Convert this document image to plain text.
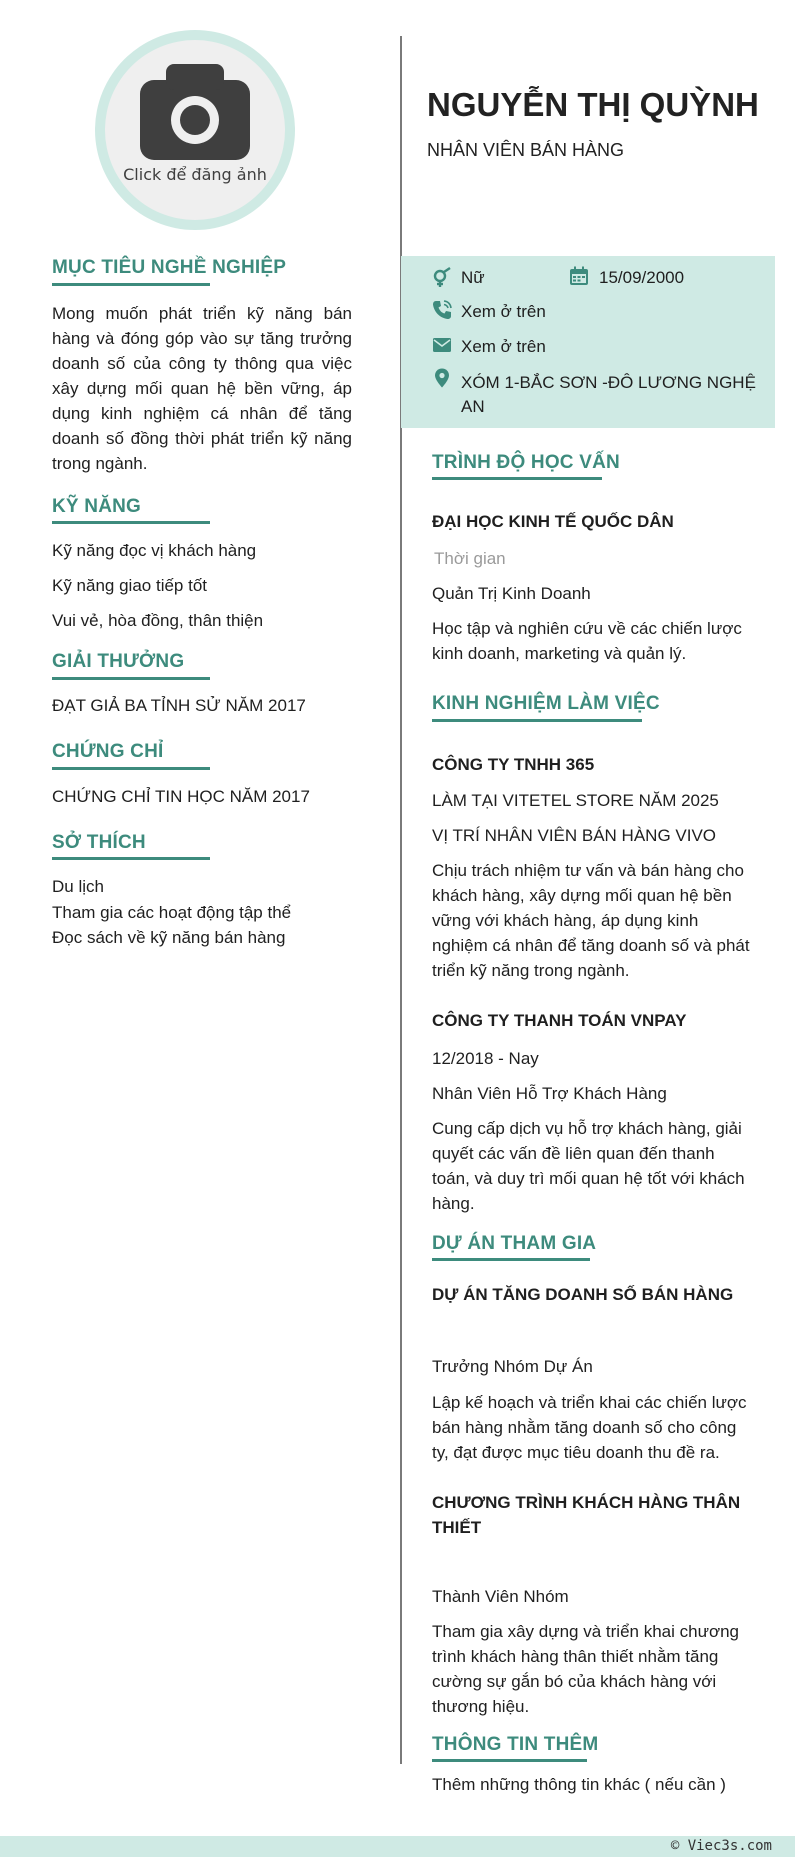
Click để đăng ảnh
MỤC TIÊU NGHỀ NGHIỆP
Mong muốn phát triển kỹ năng bán
hàng và đóng góp vào sự tăng trưởng
doanh số của công ty thông qua việc
xây dựng mối quan hệ bền vững, áp
dụng kinh nghiệm cá nhân để tăng
doanh số đồng thời phát triển kỹ năng
trong ngành.
KỸ NĂNG
Kỹ năng đọc vị khách hàng
Kỹ năng giao tiếp tốt
Vui vẻ, hòa đồng, thân thiện
GIẢI THƯỞNG
ĐẠT GIẢ BA TỈNH SỬ NĂM 2017
CHỨNG CHỈ
CHỨNG CHỈ TIN HỌC NĂM 2017
SỞ THÍCH
Du lịch
Tham gia các hoạt động tập thể
Đọc sách về kỹ năng bán hàng
NGUYỄN THỊ QUỲNH
NHÂN VIÊN BÁN HÀNG
Nữ	15/09/2000
Xem ở trên
Xem ở trên
XÓM 1-BẮC SƠN -ĐÔ LƯƠNG NGHỆ
AN
TRÌNH ĐỘ HỌC VẤN
ĐẠI HỌC KINH TẾ QUỐC DÂN
Thời gian
Quản Trị Kinh Doanh
Học tập và nghiên cứu về các chiến lược
kinh doanh, marketing và quản lý.
KINH NGHIỆM LÀM VIỆC
CÔNG TY TNHH 365
LÀM TẠI VITETEL STORE NĂM 2025
VỊ TRÍ NHÂN VIÊN BÁN HÀNG VIVO
Chịu trách nhiệm tư vấn và bán hàng cho
khách hàng, xây dựng mối quan hệ bền
vững với khách hàng, áp dụng kinh
nghiệm cá nhân để tăng doanh số và phát
triển kỹ năng trong ngành.
CÔNG TY THANH TOÁN VNPAY
12/2018 - Nay
Nhân Viên Hỗ Trợ Khách Hàng
Cung cấp dịch vụ hỗ trợ khách hàng, giải
quyết các vấn đề liên quan đến thanh
toán, và duy trì mối quan hệ tốt với khách
hàng.
DỰ ÁN THAM GIA
DỰ ÁN TĂNG DOANH SỐ BÁN HÀNG
Trưởng Nhóm Dự Án
Lập kế hoạch và triển khai các chiến lược
bán hàng nhằm tăng doanh số cho công
ty, đạt được mục tiêu doanh thu đề ra.
CHƯƠNG TRÌNH KHÁCH HÀNG THÂN
THIẾT
Thành Viên Nhóm
Tham gia xây dựng và triển khai chương
trình khách hàng thân thiết nhằm tăng
cường sự gắn bó của khách hàng với
thương hiệu.
THÔNG TIN THÊM
Thêm những thông tin khác ( nếu cần )
© Viec3s.com
